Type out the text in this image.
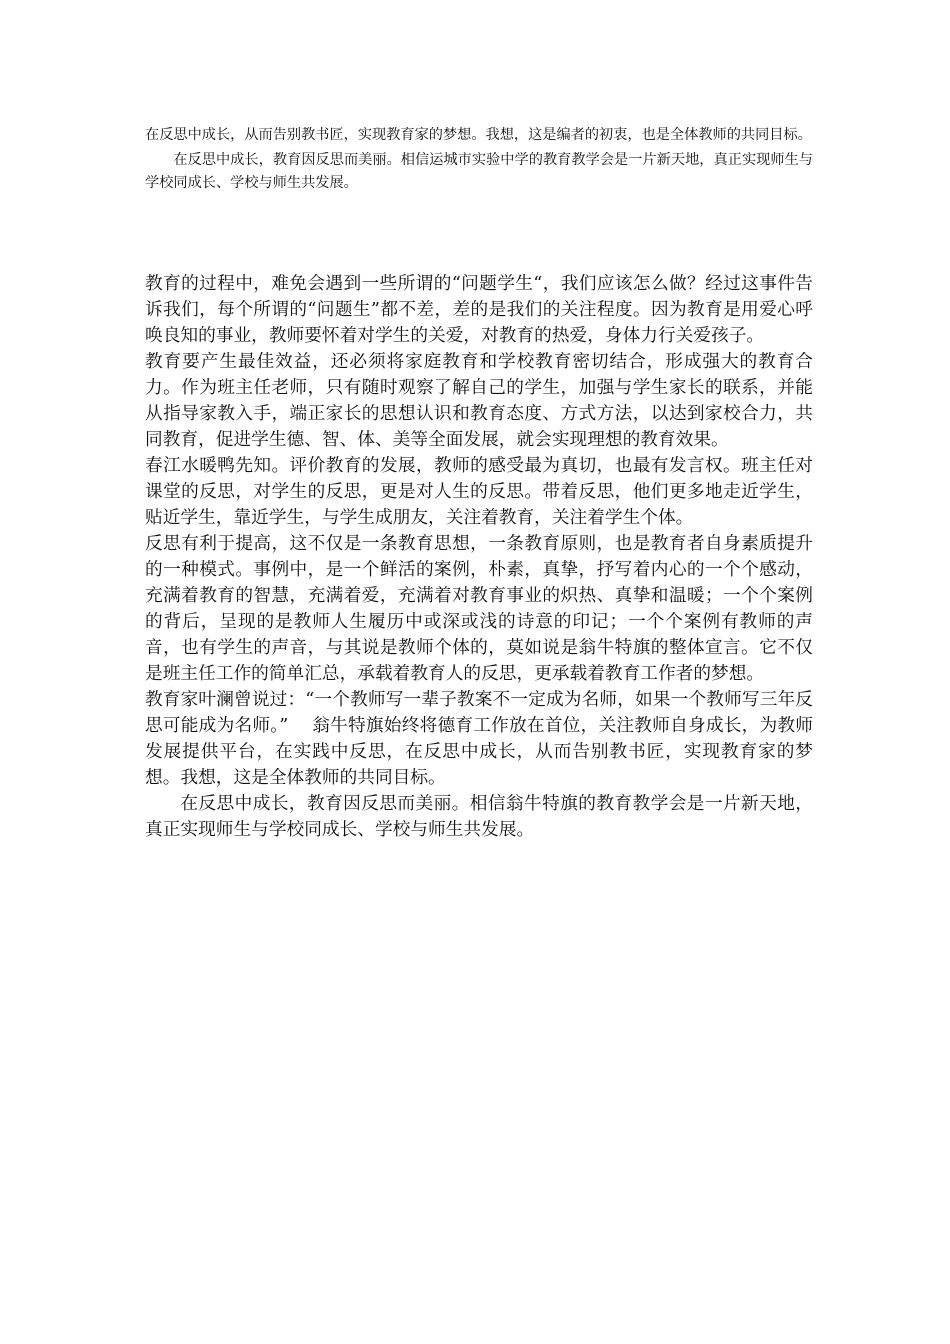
在反思中成长，从而告别教书匠，实现教育家的梦想。我想，这是编者的初衷，也是全体教师的共同目标。

在反思中成长，教育因反思而美丽。相信运城市实验中学的教育教学会是一片新天地，真正实现师生与学校同成长、学校与师生共发展。

教育的过程中，难免会遇到一些所谓的“问题学生“，我们应该怎么做？经过这事件告诉我们，每个所谓的“问题生”都不差，差的是我们的关注程度。因为教育是用爱心呼唤良知的事业，教师要怀着对学生的关爱，对教育的热爱，身体力行关爱孩子。

教育要产生最佳效益，还必须将家庭教育和学校教育密切结合，形成强大的教育合力。作为班主任老师，只有随时观察了解自己的学生，加强与学生家长的联系，并能从指导家教入手，端正家长的思想认识和教育态度、方式方法，以达到家校合力，共同教育，促进学生德、智、体、美等全面发展，就会实现理想的教育效果。

春江水暖鸭先知。评价教育的发展，教师的感受最为真切，也最有发言权。班主任对课堂的反思，对学生的反思，更是对人生的反思。带着反思，他们更多地走近学生，贴近学生，靠近学生，与学生成朋友，关注着教育，关注着学生个体。

反思有利于提高，这不仅是一条教育思想，一条教育原则，也是教育者自身素质提升的一种模式。事例中，是一个鲜活的案例，朴素，真挚，抒写着内心的一个个感动，充满着教育的智慧，充满着爱，充满着对教育事业的炽热、真挚和温暖；一个个案例的背后，呈现的是教师人生履历中或深或浅的诗意的印记；一个个案例有教师的声音，也有学生的声音，与其说是教师个体的，莫如说是翁牛特旗的整体宣言。它不仅是班主任工作的简单汇总，承载着教育人的反思，更承载着教育工作者的梦想。

教育家叶澜曾说过：“一个教师写一辈子教案不一定成为名师，如果一个教师写三年反思可能成为名师。”　 翁牛特旗始终将德育工作放在首位，关注教师自身成长，为教师发展提供平台，在实践中反思，在反思中成长，从而告别教书匠，实现教育家的梦想。我想，这是全体教师的共同目标。

在反思中成长，教育因反思而美丽。相信翁牛特旗的教育教学会是一片新天地，真正实现师生与学校同成长、学校与师生共发展。
